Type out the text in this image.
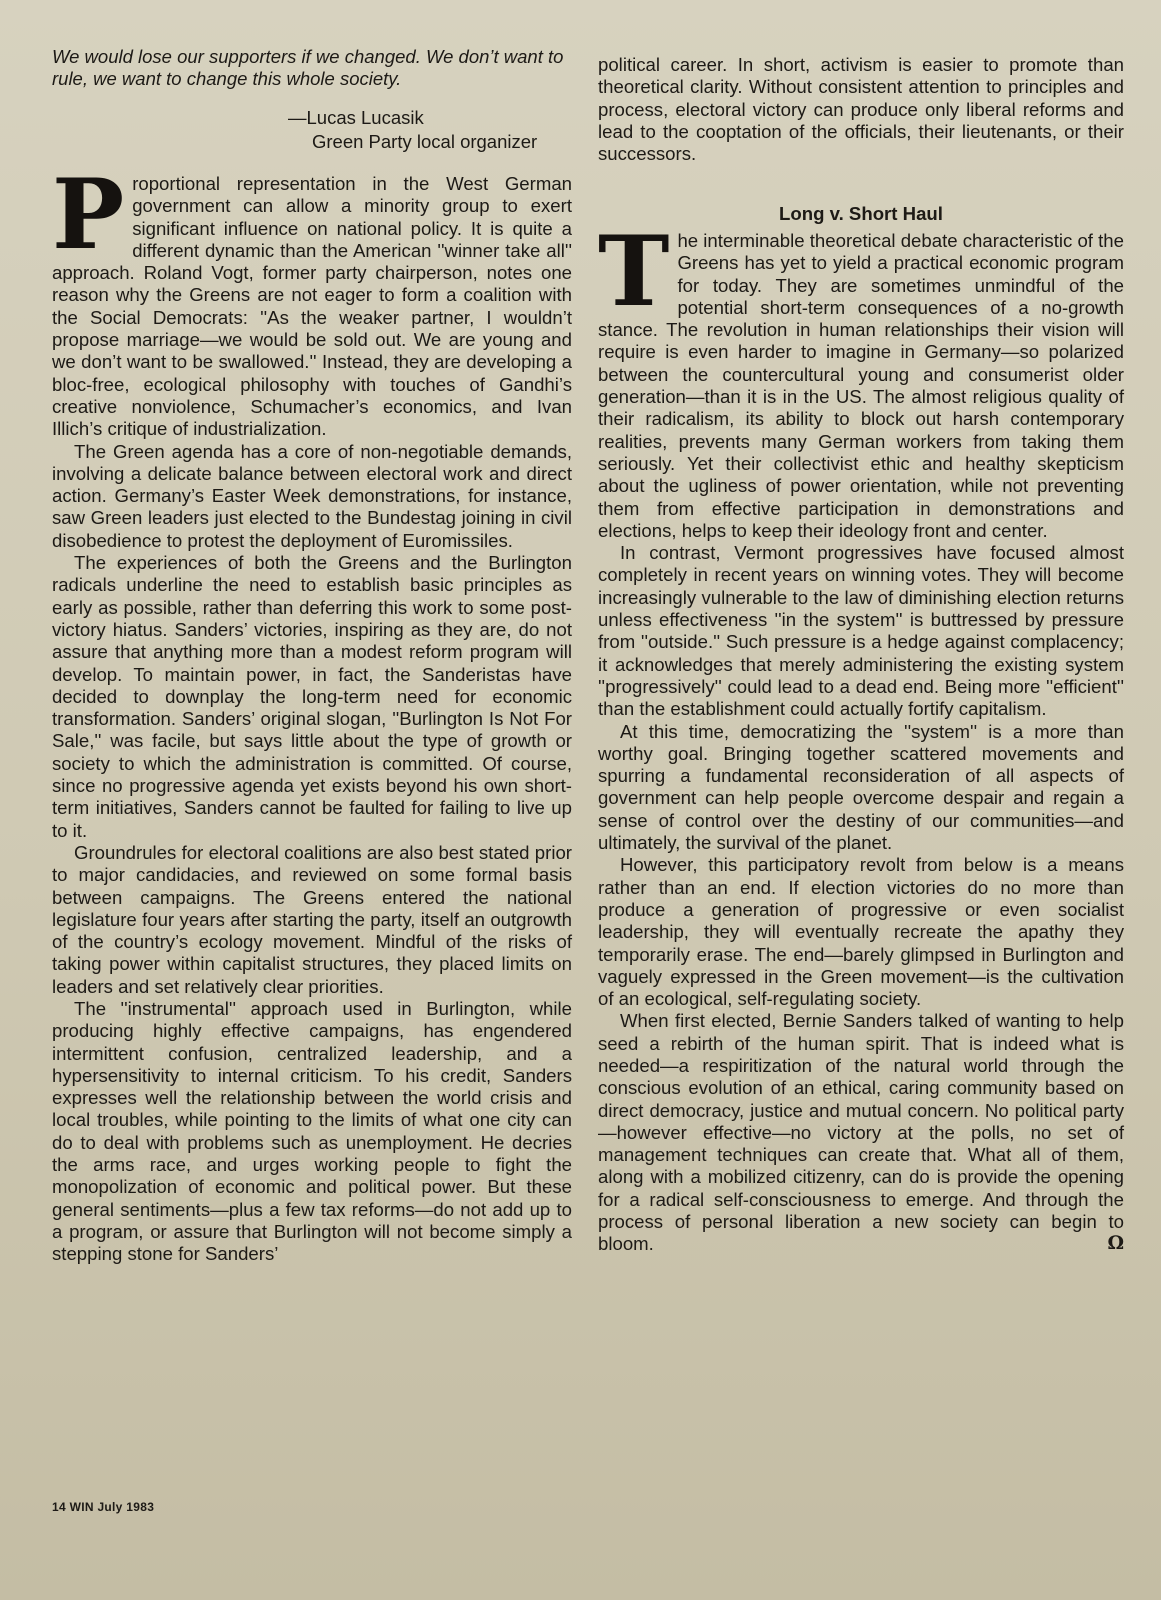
We would lose our supporters if we changed. We don’t want to rule, we want to change this whole society.
—Lucas Lucasik
Green Party local organizer

Proportional representation in the West German government can allow a minority group to exert significant influence on national policy. It is quite a different dynamic than the American ''winner take all'' approach. Roland Vogt, former party chairperson, notes one reason why the Greens are not eager to form a coalition with the Social Democrats: ''As the weaker partner, I wouldn’t propose marriage—we would be sold out. We are young and we don’t want to be swallowed.'' Instead, they are developing a bloc-free, ecological philosophy with touches of Gandhi’s creative nonviolence, Schumacher’s economics, and Ivan Illich’s critique of industrialization.

The Green agenda has a core of non-negotiable demands, involving a delicate balance between electoral work and direct action. Germany’s Easter Week demonstrations, for instance, saw Green leaders just elected to the Bundestag joining in civil disobedience to protest the deployment of Euromissiles.

The experiences of both the Greens and the Burlington radicals underline the need to establish basic principles as early as possible, rather than deferring this work to some post-victory hiatus. Sanders’ victories, inspiring as they are, do not assure that anything more than a modest reform program will develop. To maintain power, in fact, the Sanderistas have decided to downplay the long-term need for economic transformation. Sanders’ original slogan, ''Burlington Is Not For Sale,'' was facile, but says little about the type of growth or society to which the administration is committed. Of course, since no progressive agenda yet exists beyond his own short-term initiatives, Sanders cannot be faulted for failing to live up to it.

Groundrules for electoral coalitions are also best stated prior to major candidacies, and reviewed on some formal basis between campaigns. The Greens entered the national legislature four years after starting the party, itself an outgrowth of the country’s ecology movement. Mindful of the risks of taking power within capitalist structures, they placed limits on leaders and set relatively clear priorities.

The ''instrumental'' approach used in Burlington, while producing highly effective campaigns, has engendered intermittent confusion, centralized leadership, and a hypersensitivity to internal criticism. To his credit, Sanders expresses well the relationship between the world crisis and local troubles, while pointing to the limits of what one city can do to deal with problems such as unemployment. He decries the arms race, and urges working people to fight the monopolization of economic and political power. But these general sentiments—plus a few tax reforms—do not add up to a program, or assure that Burlington will not become simply a stepping stone for Sanders’

political career. In short, activism is easier to promote than theoretical clarity. Without consistent attention to principles and process, electoral victory can produce only liberal reforms and lead to the cooptation of the officials, their lieutenants, or their successors.

Long v. Short Haul

The interminable theoretical debate characteristic of the Greens has yet to yield a practical economic program for today. They are sometimes unmindful of the potential short-term consequences of a no-growth stance. The revolution in human relationships their vision will require is even harder to imagine in Germany—so polarized between the countercultural young and consumerist older generation—than it is in the US. The almost religious quality of their radicalism, its ability to block out harsh contemporary realities, prevents many German workers from taking them seriously. Yet their collectivist ethic and healthy skepticism about the ugliness of power orientation, while not preventing them from effective participation in demonstrations and elections, helps to keep their ideology front and center.

In contrast, Vermont progressives have focused almost completely in recent years on winning votes. They will become increasingly vulnerable to the law of diminishing election returns unless effectiveness ''in the system'' is buttressed by pressure from ''outside.'' Such pressure is a hedge against complacency; it acknowledges that merely administering the existing system ''progressively'' could lead to a dead end. Being more ''efficient'' than the establishment could actually fortify capitalism.

At this time, democratizing the ''system'' is a more than worthy goal. Bringing together scattered movements and spurring a fundamental reconsideration of all aspects of government can help people overcome despair and regain a sense of control over the destiny of our communities—and ultimately, the survival of the planet.

However, this participatory revolt from below is a means rather than an end. If election victories do no more than produce a generation of progressive or even socialist leadership, they will eventually recreate the apathy they temporarily erase. The end—barely glimpsed in Burlington and vaguely expressed in the Green movement—is the cultivation of an ecological, self-regulating society.

When first elected, Bernie Sanders talked of wanting to help seed a rebirth of the human spirit. That is indeed what is needed—a respiritization of the natural world through the conscious evolution of an ethical, caring community based on direct democracy, justice and mutual concern. No political party—however effective—no victory at the polls, no set of management techniques can create that. What all of them, along with a mobilized citizenry, can do is provide the opening for a radical self-consciousness to emerge. And through the process of personal liberation a new society can begin to bloom.	Ω

14 WIN July 1983
